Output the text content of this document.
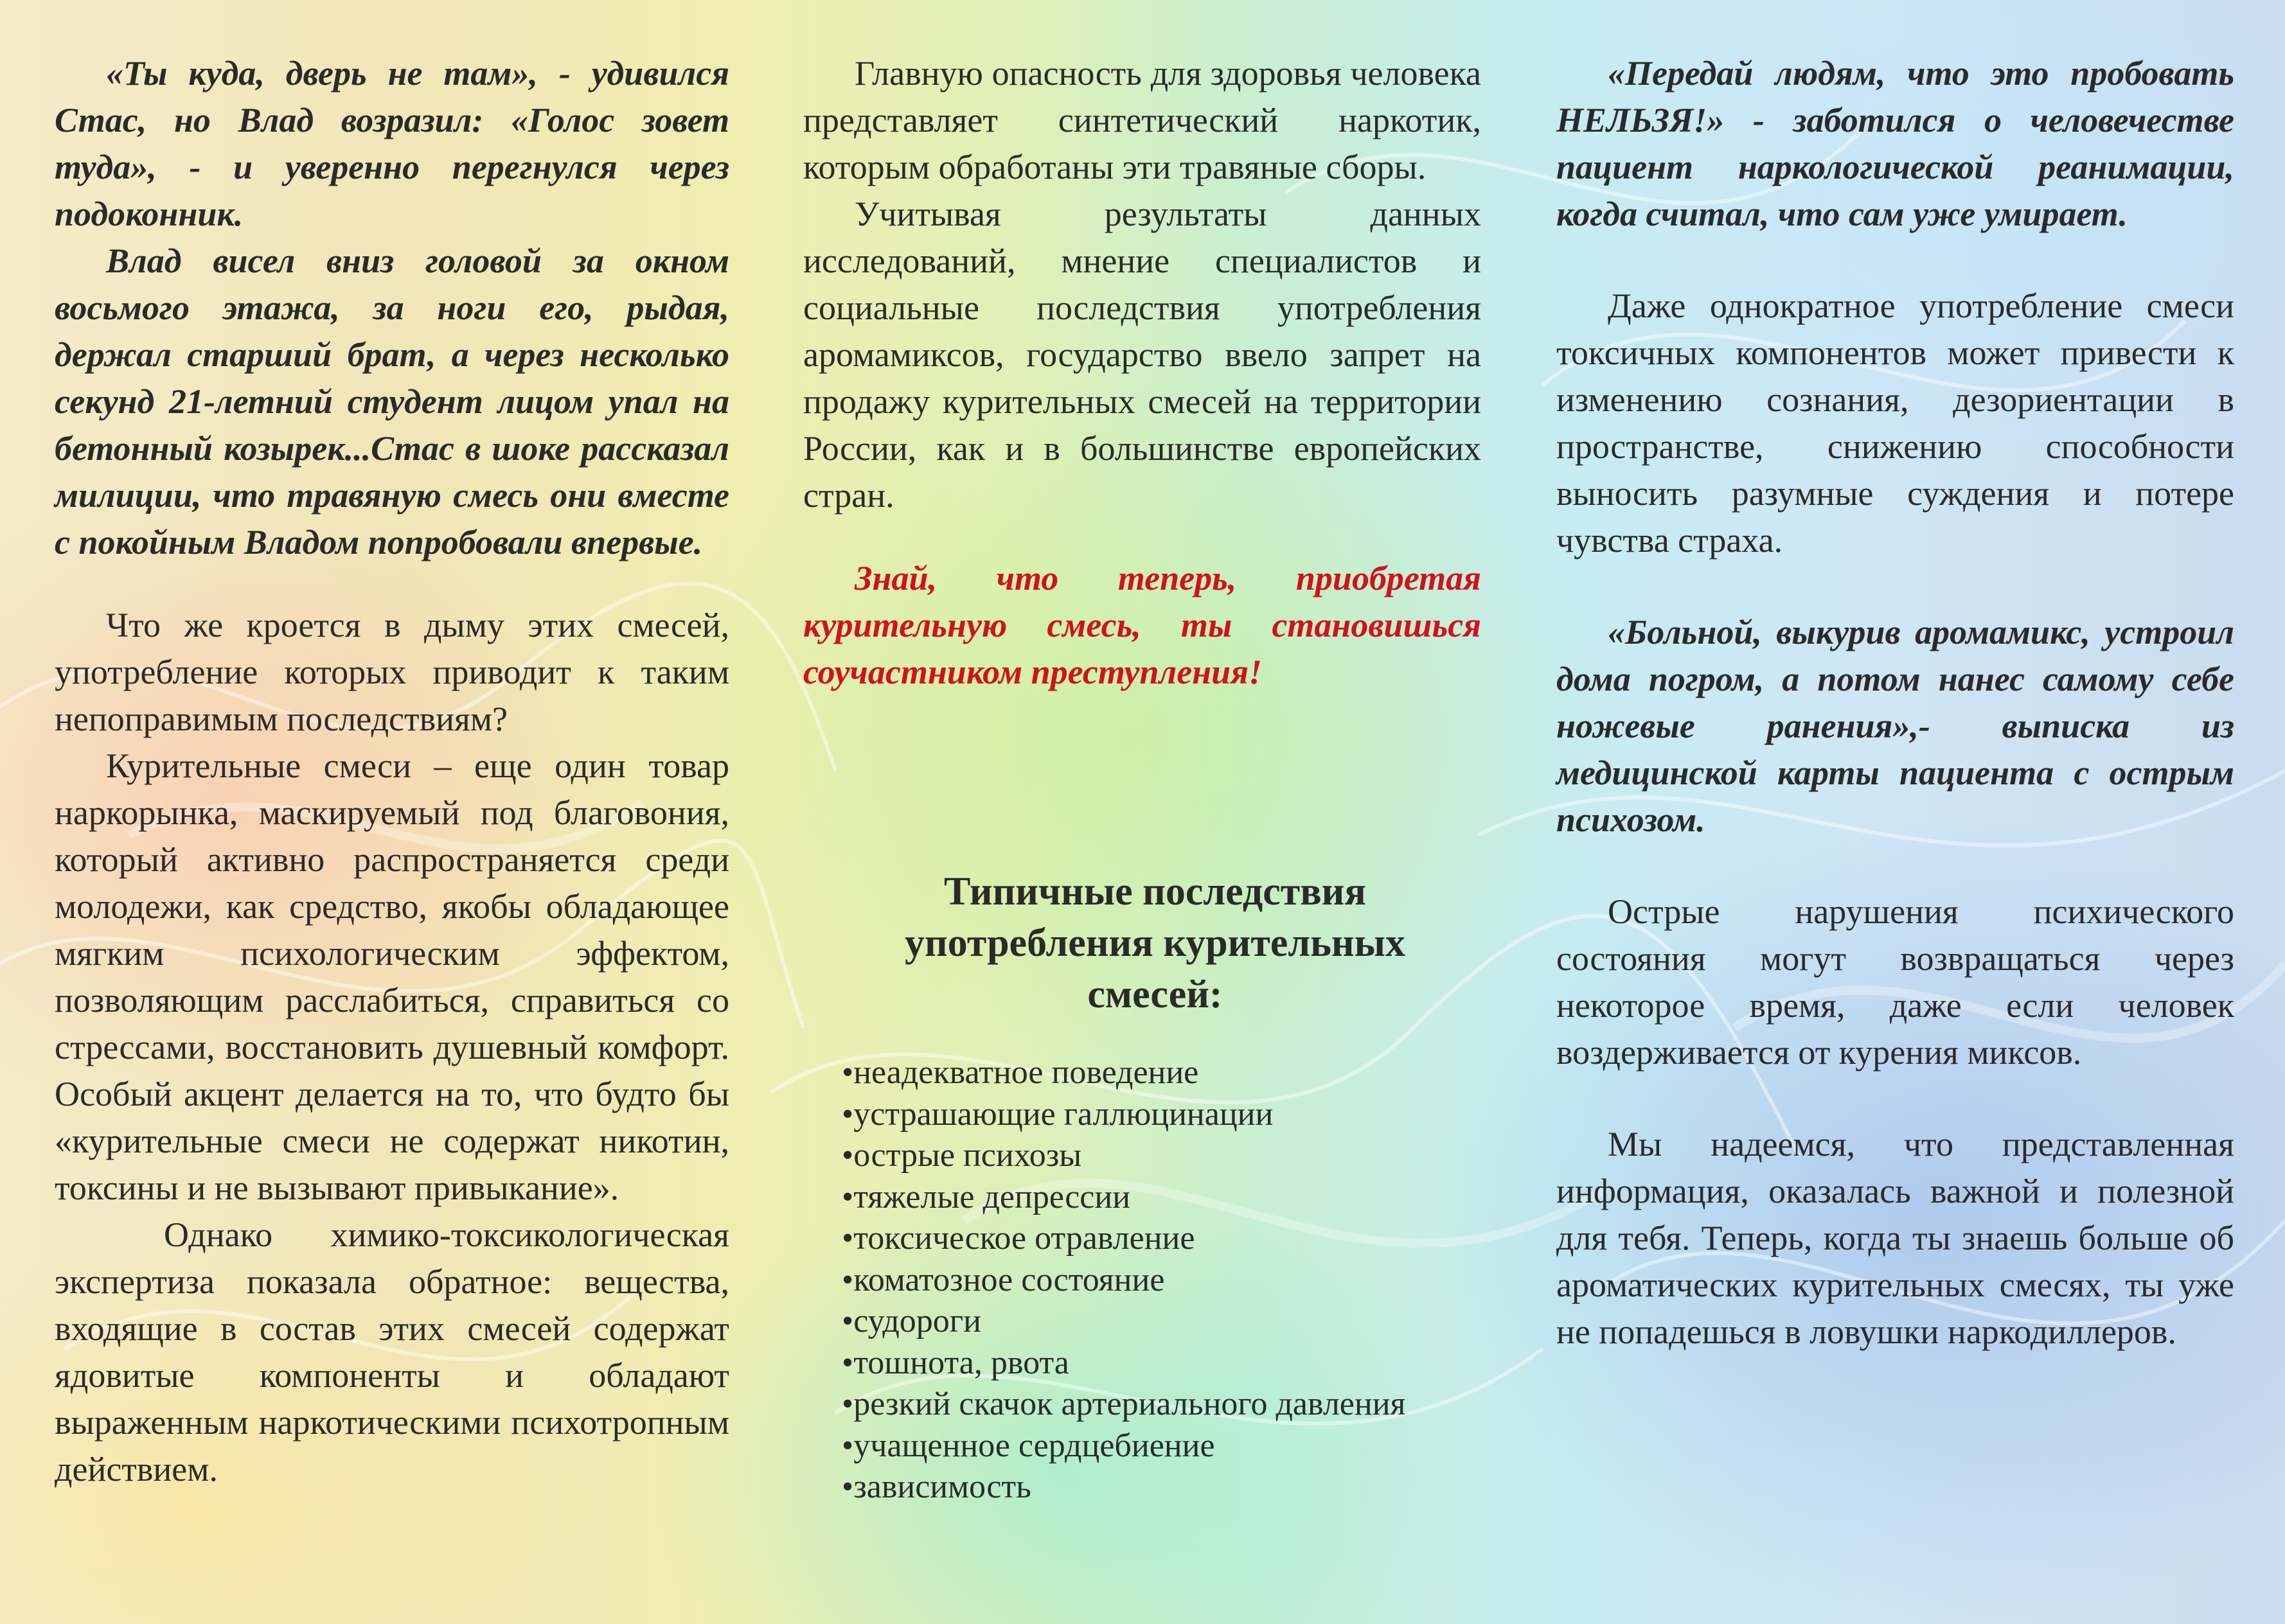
«Ты куда, дверь не там», - удивился Стас, но Влад возразил: «Голос зовет туда», - и уверенно перегнулся через подоконник.

Влад висел вниз головой за окном восьмого этажа, за ноги его, рыдая, держал старший брат, а через несколько секунд 21-летний студент лицом упал на бетонный козырек...Стас в шоке рассказал милиции, что травяную смесь они вместе с покойным Владом попробовали впервые.

Что же кроется в дыму этих смесей, употребление которых приводит к таким непоправимым последствиям?

Курительные смеси – еще один товар наркорынка, маскируемый под благовония, который активно распространяется среди молодежи, как средство, якобы обладающее мягким психологическим эффектом, позволяющим расслабиться, справиться со стрессами, восстановить душевный комфорт. Особый акцент делается на то, что будто бы «курительные смеси не содержат никотин, токсины и не вызывают привыкание».

Однако химико-токсикологическая экспертиза показала обратное: вещества, входящие в состав этих смесей содержат ядовитые компоненты и обладают выраженным наркотическими психотропным действием.

Главную опасность для здоровья человека представляет синтетический наркотик, которым обработаны эти травяные сборы.

Учитывая результаты данных исследований, мнение специалистов и социальные последствия употребления аромамиксов, государство ввело запрет на продажу курительных смесей на территории России, как и в большинстве европейских стран.

Знай, что теперь, приобретая курительную смесь, ты становишься соучастником преступления!

Типичные последствия

употребления курительных

смесей:

• неадекватное поведение
• устрашающие галлюцинации
• острые психозы
• тяжелые депрессии
• токсическое отравление
• коматозное состояние
• судороги
• тошнота, рвота
• резкий скачок артериального давления
• учащенное сердцебиение
• зависимость

«Передай людям, что это пробовать НЕЛЬЗЯ!» - заботился о человечестве пациент наркологической реанимации, когда считал, что сам уже умирает.

Даже однократное употребление смеси токсичных компонентов может привести к изменению сознания, дезориентации в пространстве, снижению способности выносить разумные суждения и потере чувства страха.

«Больной, выкурив аромамикс, устроил дома погром, а потом нанес самому себе ножевые ранения»,- выписка из медицинской карты пациента с острым психозом.

Острые нарушения психического состояния могут возвращаться через некоторое время, даже если человек воздерживается от курения миксов.

Мы надеемся, что представленная информация, оказалась важной и полезной для тебя. Теперь, когда ты знаешь больше об ароматических курительных смесях, ты уже не попадешься в ловушки наркодиллеров.
